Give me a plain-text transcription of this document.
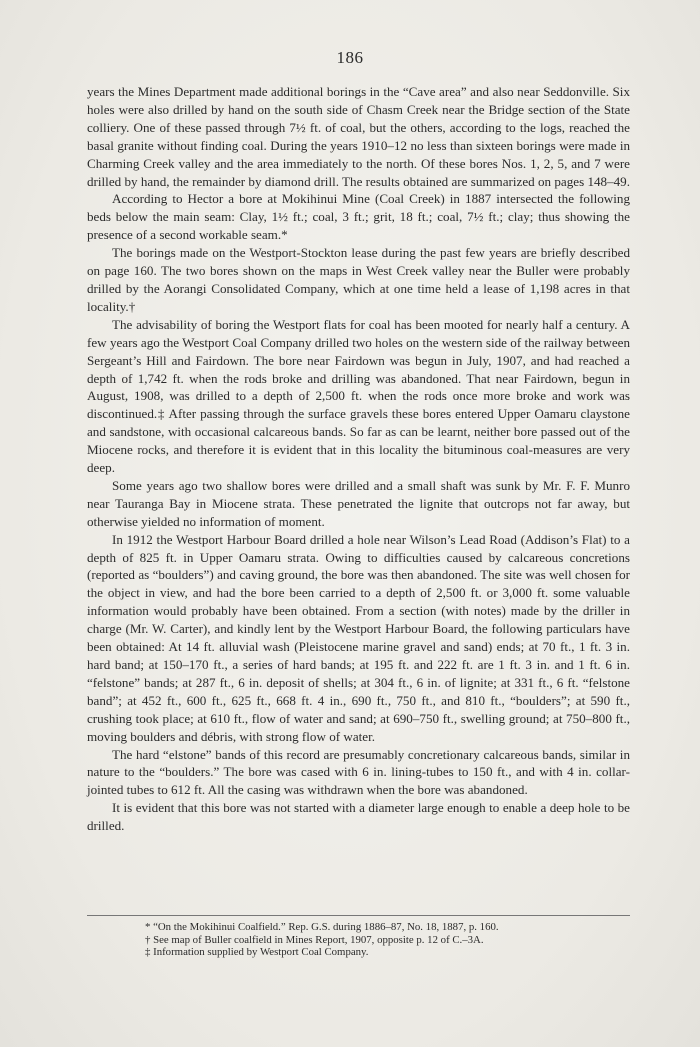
186

years the Mines Department made additional borings in the “Cave area” and also near Seddonville. Six holes were also drilled by hand on the south side of Chasm Creek near the Bridge section of the State colliery. One of these passed through 7½ ft. of coal, but the others, according to the logs, reached the basal granite without finding coal. During the years 1910–12 no less than sixteen borings were made in Charming Creek valley and the area immediately to the north. Of these bores Nos. 1, 2, 5, and 7 were drilled by hand, the remainder by diamond drill. The results obtained are summarized on pages 148–49.

According to Hector a bore at Mokihinui Mine (Coal Creek) in 1887 intersected the following beds below the main seam: Clay, 1½ ft.; coal, 3 ft.; grit, 18 ft.; coal, 7½ ft.; clay; thus showing the presence of a second workable seam.*

The borings made on the Westport-Stockton lease during the past few years are briefly described on page 160. The two bores shown on the maps in West Creek valley near the Buller were probably drilled by the Aorangi Consolidated Company, which at one time held a lease of 1,198 acres in that locality.†

The advisability of boring the Westport flats for coal has been mooted for nearly half a century. A few years ago the Westport Coal Company drilled two holes on the western side of the railway between Sergeant’s Hill and Fairdown. The bore near Fairdown was begun in July, 1907, and had reached a depth of 1,742 ft. when the rods broke and drilling was abandoned. That near Fairdown, begun in August, 1908, was drilled to a depth of 2,500 ft. when the rods once more broke and work was discontinued.‡ After passing through the surface gravels these bores entered Upper Oamaru claystone and sandstone, with occasional calcareous bands. So far as can be learnt, neither bore passed out of the Miocene rocks, and therefore it is evident that in this locality the bituminous coal-measures are very deep.

Some years ago two shallow bores were drilled and a small shaft was sunk by Mr. F. F. Munro near Tauranga Bay in Miocene strata. These penetrated the lignite that outcrops not far away, but otherwise yielded no information of moment.

In 1912 the Westport Harbour Board drilled a hole near Wilson’s Lead Road (Addison’s Flat) to a depth of 825 ft. in Upper Oamaru strata. Owing to difficulties caused by calcareous concretions (reported as “boulders”) and caving ground, the bore was then abandoned. The site was well chosen for the object in view, and had the bore been carried to a depth of 2,500 ft. or 3,000 ft. some valuable information would probably have been obtained. From a section (with notes) made by the driller in charge (Mr. W. Carter), and kindly lent by the Westport Harbour Board, the following particulars have been obtained: At 14 ft. alluvial wash (Pleistocene marine gravel and sand) ends; at 70 ft., 1 ft. 3 in. hard band; at 150–170 ft., a series of hard bands; at 195 ft. and 222 ft. are 1 ft. 3 in. and 1 ft. 6 in. “felstone” bands; at 287 ft., 6 in. deposit of shells; at 304 ft., 6 in. of lignite; at 331 ft., 6 ft. “felstone band”; at 452 ft., 600 ft., 625 ft., 668 ft. 4 in., 690 ft., 750 ft., and 810 ft., “boulders”; at 590 ft., crushing took place; at 610 ft., flow of water and sand; at 690–750 ft., swelling ground; at 750–800 ft., moving boulders and débris, with strong flow of water.

The hard “elstone” bands of this record are presumably concretionary calcareous bands, similar in nature to the “boulders.” The bore was cased with 6 in. lining-tubes to 150 ft., and with 4 in. collar-jointed tubes to 612 ft. All the casing was withdrawn when the bore was abandoned.

It is evident that this bore was not started with a diameter large enough to enable a deep hole to be drilled.

* “On the Mokihinui Coalfield.” Rep. G.S. during 1886–87, No. 18, 1887, p. 160.
† See map of Buller coalfield in Mines Report, 1907, opposite p. 12 of C.–3A.
‡ Information supplied by Westport Coal Company.
